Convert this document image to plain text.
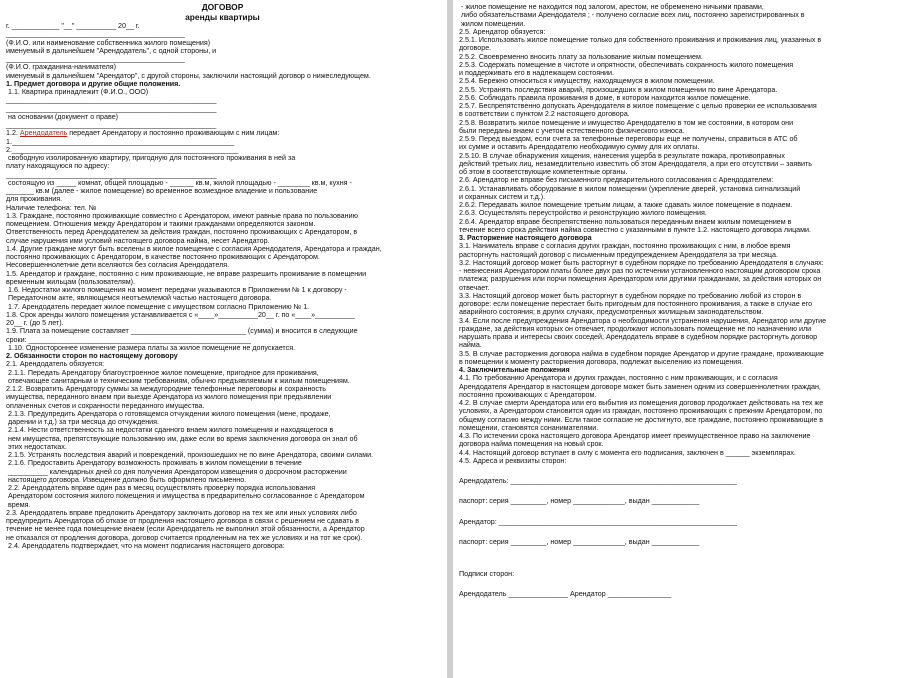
ДОГОВОР
аренды квартиры
г. ____________ "__" __________ 20__ г.
_____________________________________________
(Ф.И.О. или наименование собственника жилого помещения)
именуемый в дальнейшем "Арендодатель", с одной стороны, и
_____________________________________________
(Ф.И.О. гражданина-нанимателя)
именуемый в дальнейшем "Арендатор", с другой стороны, заключили настоящий договор о нижеследующем.
1. Предмет договора и другие общие положения.
1.1. Квартира принадлежит (Ф.И.О., ООО)
_____________________________________________________
_____________________________________________________
на основании (документ о праве)
_____________________________________________________
1.2. Арендодатель передает Арендатору и постоянно проживающим с ним лицам:
1.________________________________________________________
2._________________________________________________________
свободную изолированную квартиру, пригодную для постоянного проживания в ней за
плату находящуюся по адресу:
_____________________________________________________
состоящую из _____ комнат, общей площадью - ______ кв.м, жилой площадью - ________ кв.м, кухня -
_______ кв.м (далее - жилое помещение) во временное возмездное владение и пользование
для проживания.
Наличие телефона: тел. №
1.3. Граждане, постоянно проживающие совместно с Арендатором, имеют равные права по пользованию
помещением. Отношения между Арендатором и такими гражданами определяются законом.
Ответственность перед Арендодателем за действия граждан, постоянно проживающих с Арендатором, в
случае нарушения ими условий настоящего договора найма, несет Арендатор.
1.4. Другие граждане могут быть вселены в жилое помещение с согласия Арендодателя, Арендатора и граждан,
постоянно проживающих с Арендатором, в качестве постоянно проживающих с Арендатором.
Несовершеннолетние дети вселяются без согласия Арендодателя.
1.5. Арендатор и граждане, постоянно с ним проживающие, не вправе разрешить проживание в помещении
временным жильцам (пользователям).
1.6. Недостатки жилого помещения на момент передачи указываются в Приложении № 1 к договору -
Передаточном акте, являющемся неотъемлемой частью настоящего договора.
1.7. Арендодатель передает жилое помещение с имуществом согласно Приложению № 1.
1.8. Срок аренды жилого помещения устанавливается с «____»__________20__ г. по «____»__________
20__ г. (до 5 лет).
1.9. Плата за помещение составляет _____________________________ (сумма) и вносится в следующие
сроки: ________________________________________________________
1.10. Одностороннее изменение размера платы за жилое помещение не допускается.
2. Обязанности сторон по настоящему договору
2.1. Арендодатель обязуется:
2.1.1. Передать Арендатору благоустроенное жилое помещение, пригодное для проживания,
отвечающее санитарным и техническим требованиям, обычно предъявляемым к жилым помещениям.
2.1.2. Возвратить Арендатору суммы за междугородние телефонные переговоры и сохранность
имущества, переданного внаем при выезде Арендатора из жилого помещения при предъявлении
оплаченных счетов и сохранности переданного имущества.
2.1.3. Предупредить Арендатора о готовящемся отчуждении жилого помещения (мене, продаже,
дарении и т.д.) за три месяца до отчуждения.
2.1.4. Нести ответственность за недостатки сданного внаем жилого помещения и находящегося в
нем имущества, препятствующие пользованию им, даже если во время заключения договора он знал об
этих недостатках.
2.1.5. Устранять последствия аварий и повреждений, произошедших не по вине Арендатора, своими силами.
2.1.6. Предоставить Арендатору возможность проживать в жилом помещении в течение
__________ календарных дней со дня получения Арендатором извещения о досрочном расторжении
настоящего договора. Извещение должно быть оформлено письменно.
2.2. Арендодатель вправе один раз в месяц осуществлять проверку порядка использования
Арендатором состояния жилого помещения и имущества в предварительно согласованное с Арендатором
время.
2.3. Арендодатель вправе предложить Арендатору заключить договор на тех же или иных условиях либо
предупредить Арендатора об отказе от продления настоящего договора в связи с решением не сдавать в
течение не менее года помещение внаем (если Арендодатель не выполнил этой обязанности, а Арендатор
не отказался от продления договора, договор считается продленным на тех же условиях и на тот же срок).
2.4. Арендодатель подтверждает, что на момент подписания настоящего договора:
- жилое помещение не находится под залогом, арестом, не обременено ничьими правами,
либо обязательствами Арендодателя ; - получено согласие всех лиц, постоянно зарегистрированных в
жилом помещении.
2.5. Арендатор обязуется:
2.5.1. Использовать жилое помещение только для собственного проживания и проживания лиц, указанных в
договоре.
2.5.2. Своевременно вносить плату за пользование жилым помещением.
2.5.3. Содержать помещение в чистоте и опрятности, обеспечивать сохранность жилого помещения
и поддерживать его в надлежащем состоянии.
2.5.4. Бережно относиться к имуществу, находящемуся в жилом помещении.
2.5.5. Устранять последствия аварий, произошедших в жилом помещении по вине Арендатора.
2.5.6. Соблюдать правила проживания в доме, в котором находится жилое помещение.
2.5.7. Беспрепятственно допускать Арендодателя в жилое помещение с целью проверки ее использования
в соответствии с пунктом 2.2 настоящего договора.
2.5.8. Возвратить жилое помещение и имущество Арендодателю в том же состоянии, в котором они
были переданы внаем с учетом естественного физического износа.
2.5.9. Перед выездом, если счета за телефонные переговоры еще не получены, справиться в АТС об
их сумме и оставить Арендодателю необходимую сумму для их оплаты.
2.5.10. В случае обнаружения хищения, нанесения ущерба в результате пожара, противоправных
действий третьих лиц, незамедлительно известить об этом Арендодателя, а при его отсутствии – заявить
об этом в соответствующие компетентные органы.
2.6. Арендатор не вправе без письменного предварительного согласования с Арендодателем:
2.6.1. Устанавливать оборудование в жилом помещении (укрепление дверей, установка сигнализаций
и охранных систем и т.д.).
2.6.2. Передавать жилое помещение третьим лицам, а также сдавать жилое помещение в поднаем.
2.6.3. Осуществлять переустройство и реконструкцию жилого помещения.
2.6.4. Арендатор вправе беспрепятственно пользоваться переданным внаем жилым помещением в
течение всего срока действия найма совместно с указанными в пункте 1.2. настоящего договора лицами.
3. Расторжение настоящего договора
3.1. Наниматель вправе с согласия других граждан, постоянно проживающих с ним, в любое время
расторгнуть настоящий договор с письменным предупреждением Арендодателя за три месяца.
3.2. Настоящий договор может быть расторгнут в судебном порядке по требованию Арендодателя в случаях:
- невнесения Арендатором платы более двух раз по истечении установленного настоящим договором срока
платежа; разрушения или порчи помещения Арендатором или другими гражданами, за действия которых он
отвечает.
3.3. Настоящий договор может быть расторгнут в судебном порядке по требованию любой из сторон в
договоре: если помещение перестает быть пригодным для постоянного проживания, а также в случае его
аварийного состояния; в других случаях, предусмотренных жилищным законодательством.
3.4. Если после предупреждения Арендатора о необходимости устранения нарушения, Арендатор или другие
граждане, за действия которых он отвечает, продолжают использовать помещение не по назначению или
нарушать права и интересы своих соседей, Арендодатель вправе в судебном порядке расторгнуть договор
найма.
3.5. В случае расторжения договора найма в судебном порядке Арендатор и другие граждане, проживающие
в помещении к моменту расторжения договора, подлежат выселению из помещения.
4. Заключительные положения
4.1. По требованию Арендатора и других граждан, постоянно с ним проживающих, и с согласия
Арендодателя Арендатор в настоящем договоре может быть заменен одним из совершеннолетних граждан,
постоянно проживающих с Арендатором.
4.2. В случае смерти Арендатора или его выбытия из помещения договор продолжает действовать на тех же
условиях, а Арендатором становится один из граждан, постоянно проживающих с прежним Арендатором, по
общему согласию между ними. Если такое согласие не достигнуто, все граждане, постоянно проживающие в
помещении, становятся сонанимателями.
4.3. По истечении срока настоящего договора Арендатор имеет преимущественное право на заключение
договора найма помещения на новый срок.
4.4. Настоящий договор вступает в силу с момента его подписания, заключен в ______ экземплярах.
4.5. Адреса и реквизиты сторон:
Арендодатель: _________________________________________________________
паспорт: серия _________, номер _____________, выдан ____________
Арендатор: ____________________________________________________________
паспорт: серия _________, номер _____________, выдан ____________
Подписи сторон:
Арендодатель _______________ Арендатор ________________
